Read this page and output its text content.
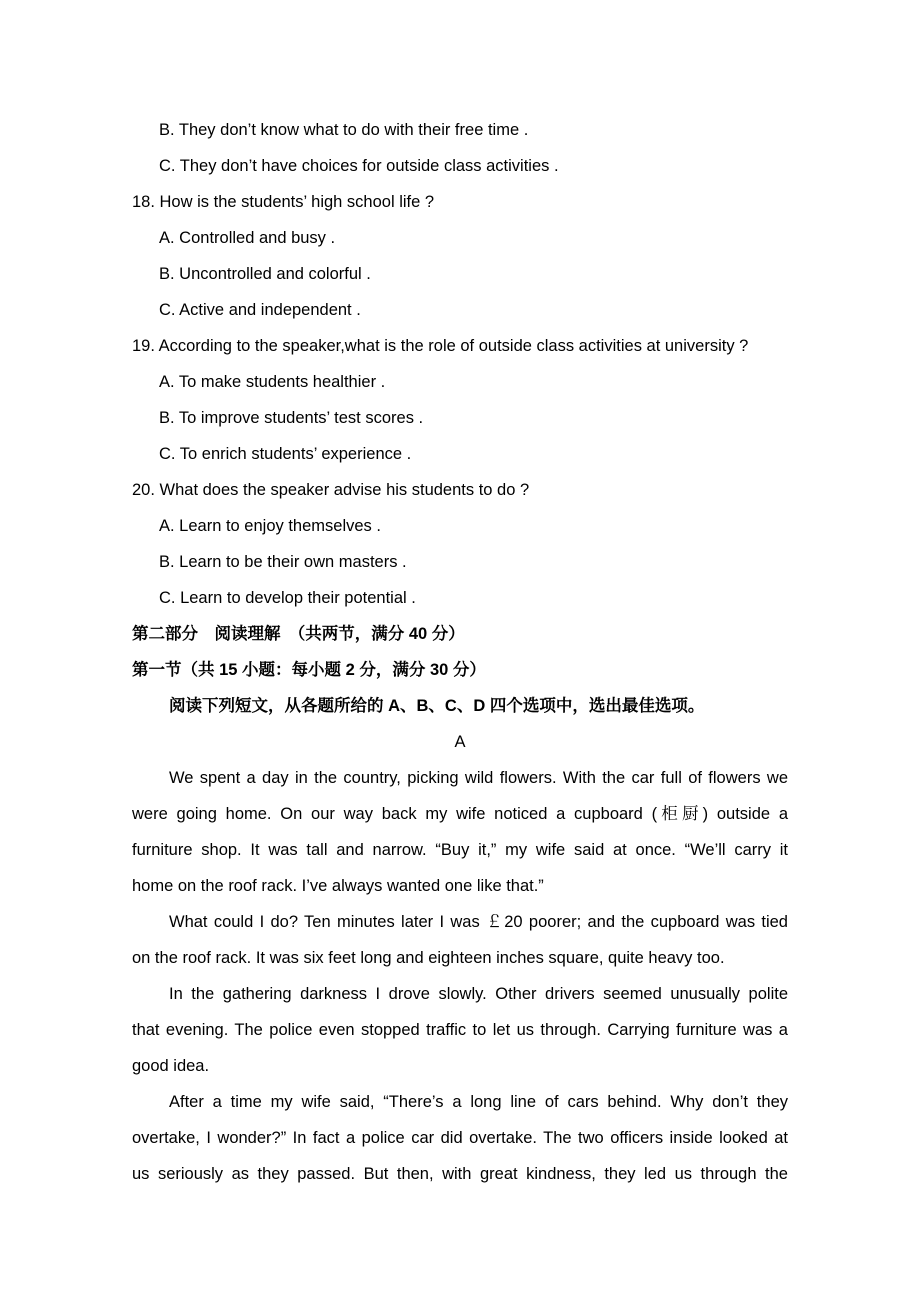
B. They don’t know what to do with their free time .
C. They don’t have choices for outside class activities .
18. How is the students’ high school life ?
A. Controlled and busy .
B. Uncontrolled and colorful .
C. Active and independent .
19. According to the speaker,what is the role of outside class activities at university ?
A. To make students healthier .
B. To improve students’ test scores .
C. To enrich students’ experience .
20. What does the speaker advise his students to do ?
A. Learn to enjoy themselves .
B. Learn to be their own masters .
C. Learn to develop their potential .
第二部分　阅读理解　（共两节，满分 40 分）
第一节（共 15 小题：每小题 2 分，满分 30 分）
阅读下列短文，从各题所给的 A、B、C、D 四个选项中，选出最佳选项。
A
We spent a day in the country, picking wild flowers. With the car full of flowers we
were going home. On our way back my wife noticed a cupboard (柜厨) outside a
furniture shop. It was tall and narrow. “Buy it,” my wife said at once. “We’ll carry it
home on the roof rack. I’ve always wanted one like that.”
What could I do? Ten minutes later I was ￡20 poorer; and the cupboard was tied
on the roof rack. It was six feet long and eighteen inches square, quite heavy too.
In the gathering darkness I drove slowly. Other drivers seemed unusually polite
that evening. The police even stopped traffic to let us through. Carrying furniture was a
good idea.
After a time my wife said, “There’s a long line of cars behind. Why don’t they
overtake, I wonder?” In fact a police car did overtake. The two officers inside looked at
us seriously as they passed. But then, with great kindness, they led us through the
